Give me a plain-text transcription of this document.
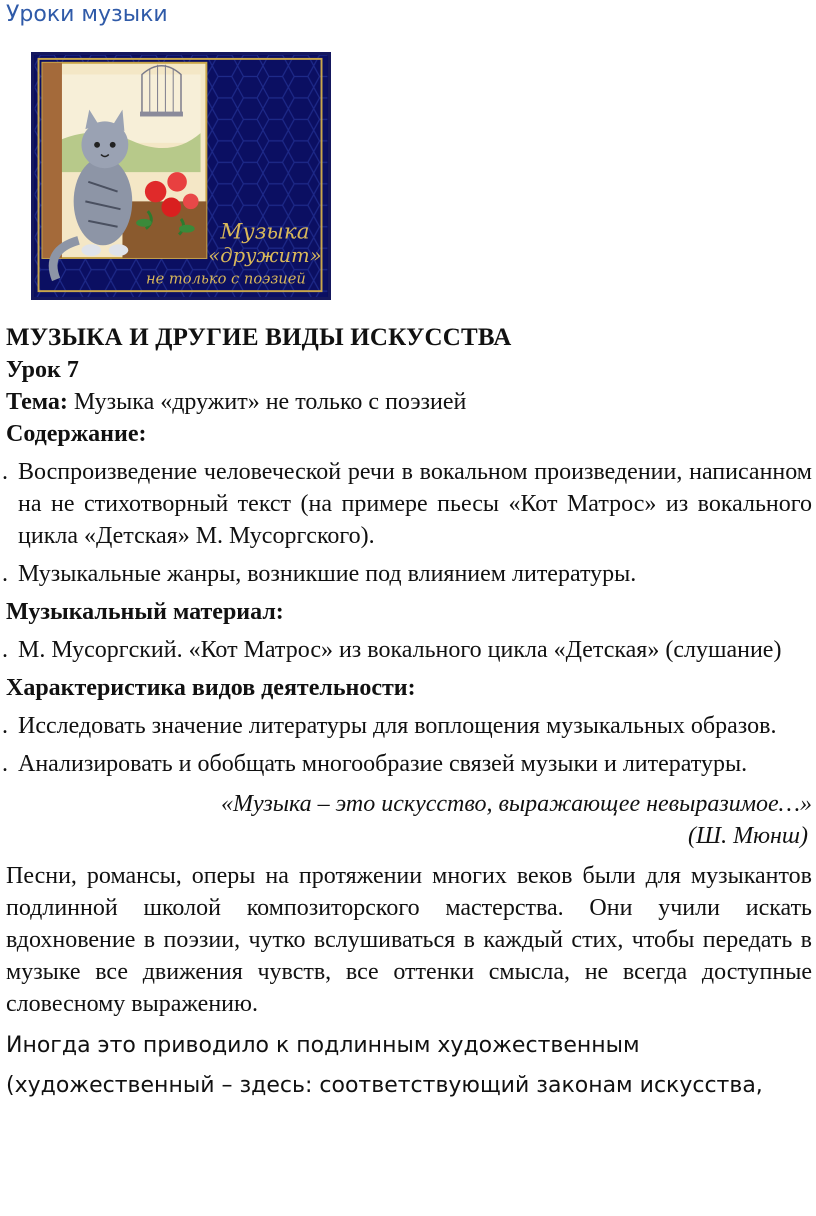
Уроки музыки
Музыка
«дружит»
не только с поэзией
МУЗЫКА И ДРУГИЕ ВИДЫ ИСКУССТВА
Урок 7
Тема: Музыка «дружит» не только с поэзией
Содержание:
. Воспроизведение человеческой речи в вокальном произведении, написанном на не стихотворный текст (на примере пьесы «Кот Матрос» из вокального цикла «Детская» М. Мусоргского).
. Музыкальные жанры, возникшие под влиянием литературы.
Музыкальный материал:
. М. Мусоргский. «Кот Матрос» из вокального цикла «Детская» (слушание)
Характеристика видов деятельности:
. Исследовать значение литературы для воплощения музыкальных образов.
. Анализировать и обобщать многообразие связей музыки и литературы.
«Музыка – это искусство, выражающее невыразимое…»
(Ш. Мюнш)
Песни, романсы, оперы на протяжении многих веков были для музыкантов подлинной школой композиторского мастерства. Они учили искать вдохновение в поэзии, чутко вслушиваться в каждый стих, чтобы передать в музыке все движения чувств, все оттенки смысла, не всегда доступные словесному выражению.
Иногда это приводило к подлинным художественным
(художественный – здесь: соответствующий законам искусства,
